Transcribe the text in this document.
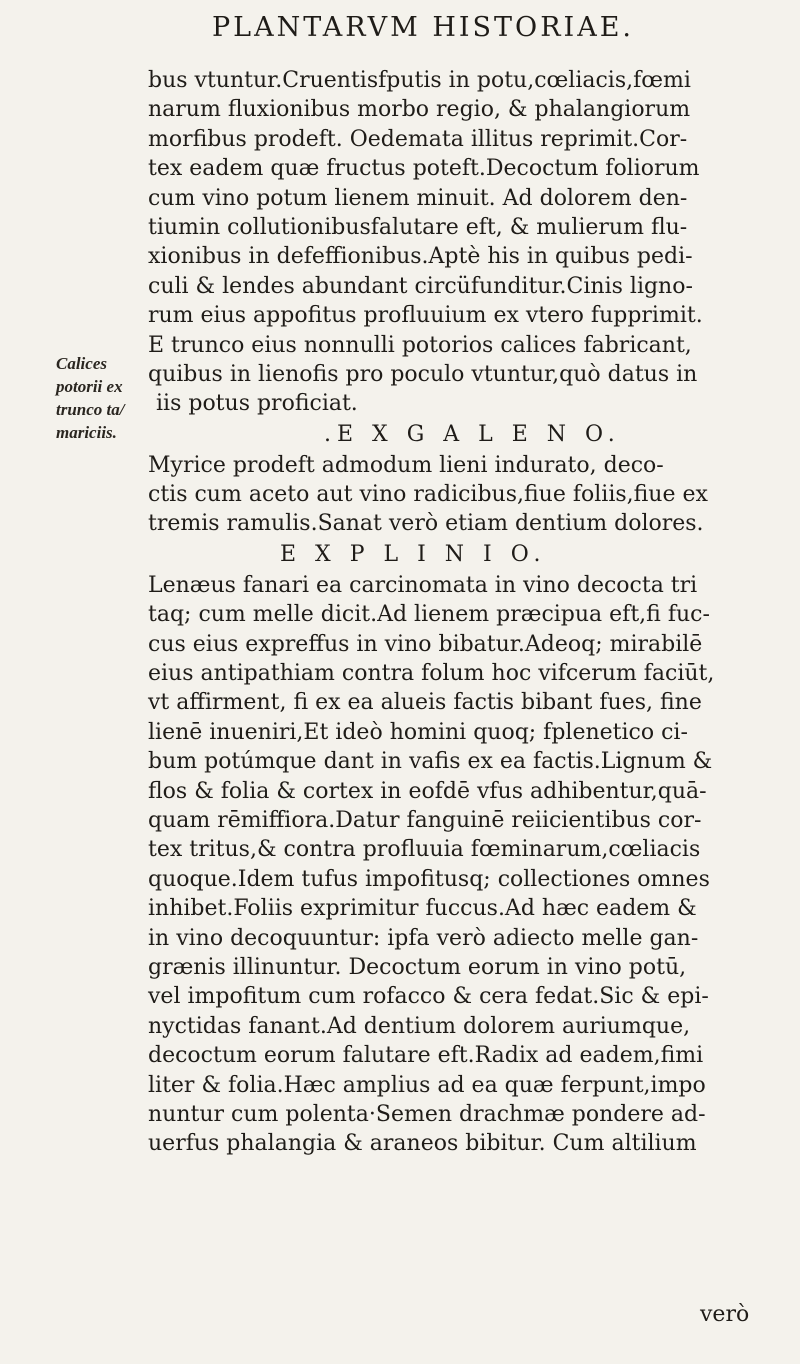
PLANTARVM HISTORIAE.
Calices
potorii ex
trunco ta/
mariciis.
bus vtuntur.Cruentisfputis in potu,cœliacis,fœmi
narum fluxionibus morbo regio, & phalangiorum
morfibus prodeft. Oedemata illitus reprimit.Cor-
tex eadem quæ fructus poteft.Decoctum foliorum
cum vino potum lienem minuit. Ad dolorem den-
tiumin collutionibusfalutare eft, & mulierum flu-
xionibus in defeffionibus.Aptè his in quibus pedi-
culi & lendes abundant circüfunditur.Cinis ligno-
rum eius appofitus profluuium ex vtero fupprimit.
E trunco eius nonnulli potorios calices fabricant,
quibus in lienofis pro poculo vtuntur,quò datus in
iis potus proficiat.
.E X G A L E N O.
Myrice prodeft admodum lieni indurato, deco-
ctis cum aceto aut vino radicibus,fiue foliis,fiue ex
tremis ramulis.Sanat verò etiam dentium dolores.
E X P L I N I O.
Lenæus fanari ea carcinomata in vino decocta tri
taq; cum melle dicit.Ad lienem præcipua eft,fi fuc-
cus eius expreffus in vino bibatur.Adeoq; mirabilē
eius antipathiam contra folum hoc vifcerum faciūt,
vt affirment, fi ex ea alueis factis bibant fues, fine
lienē inueniri,Et ideò homini quoq; fplenetico ci-
bum potúmque dant in vafis ex ea factis.Lignum &
flos & folia & cortex in eofdē vfus adhibentur,quā-
quam rēmiffiora.Datur fanguinē reiicientibus cor-
tex tritus,& contra profluuia fœminarum,cœliacis
quoque.Idem tufus impofitusq; collectiones omnes
inhibet.Foliis exprimitur fuccus.Ad hæc eadem &
in vino decoquuntur: ipfa verò adiecto melle gan-
grænis illinuntur. Decoctum eorum in vino potū,
vel impofitum cum rofacco & cera fedat.Sic & epi-
nyctidas fanant.Ad dentium dolorem auriumque,
decoctum eorum falutare eft.Radix ad eadem,fimi
liter & folia.Hæc amplius ad ea quæ ferpunt,impo
nuntur cum polenta·Semen drachmæ pondere ad-
uerfus phalangia & araneos bibitur. Cum altilium
verò
